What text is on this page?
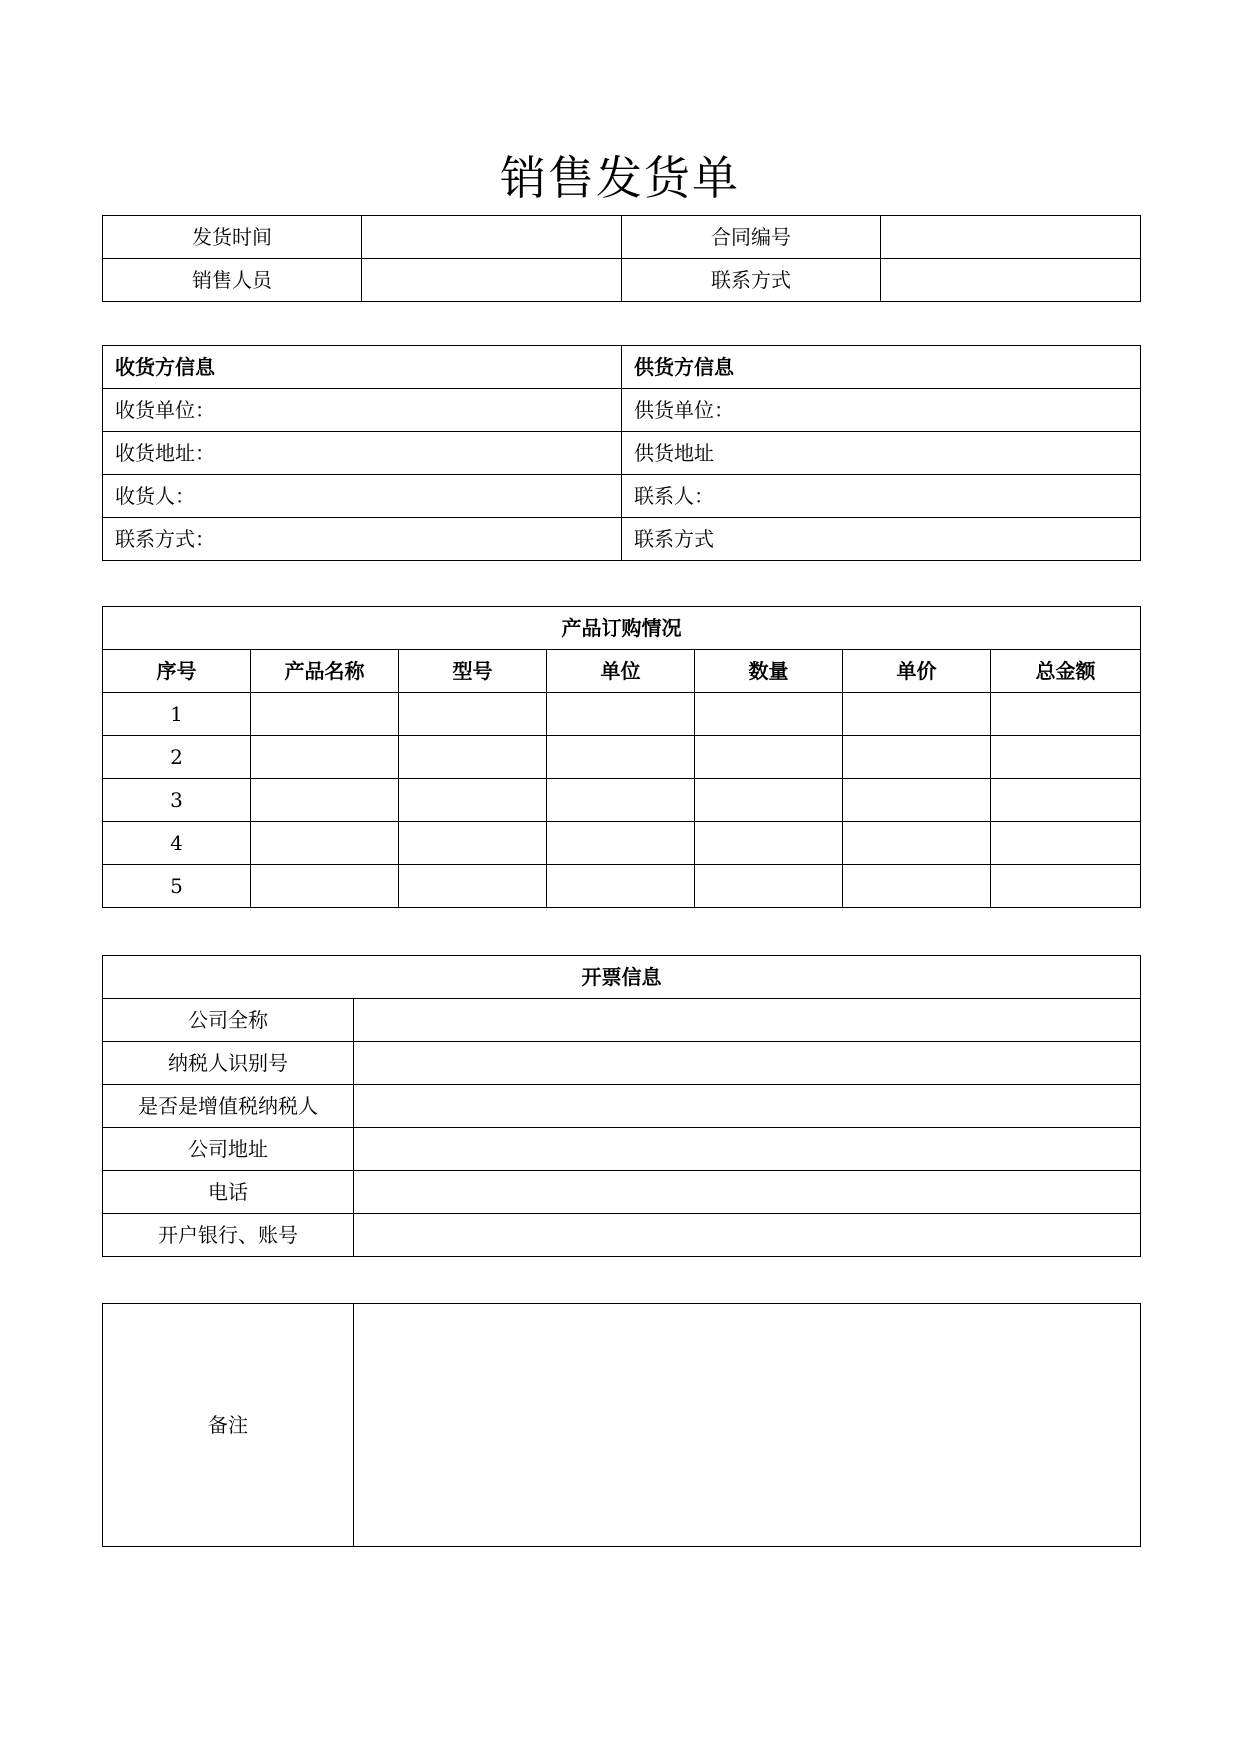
销售发货单
发货时间		合同编号	
销售人员		联系方式	
收货方信息	供货方信息
收货单位：	供货单位：
收货地址：	供货地址
收货人：	联系人：
联系方式：	联系方式
产品订购情况						
序号	产品名称	型号	单位	数量	单价	总金额
1						
2						
3						
4						
5						
开票信息	
公司全称	
纳税人识别号	
是否是增值税纳税人	
公司地址	
电话	
开户银行、账号	
备注	
